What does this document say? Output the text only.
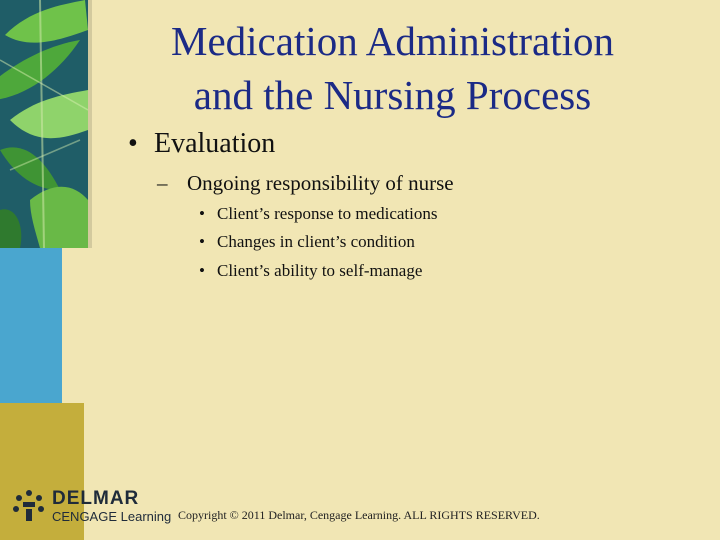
Medication Administration
and the Nursing Process
• Evaluation
– Ongoing responsibility of nurse
• Client’s response to medications
• Changes in client’s condition
• Client’s ability to self-manage
DELMAR
CENGAGE Learning Copyright © 2011 Delmar, Cengage Learning. ALL RIGHTS RESERVED.
